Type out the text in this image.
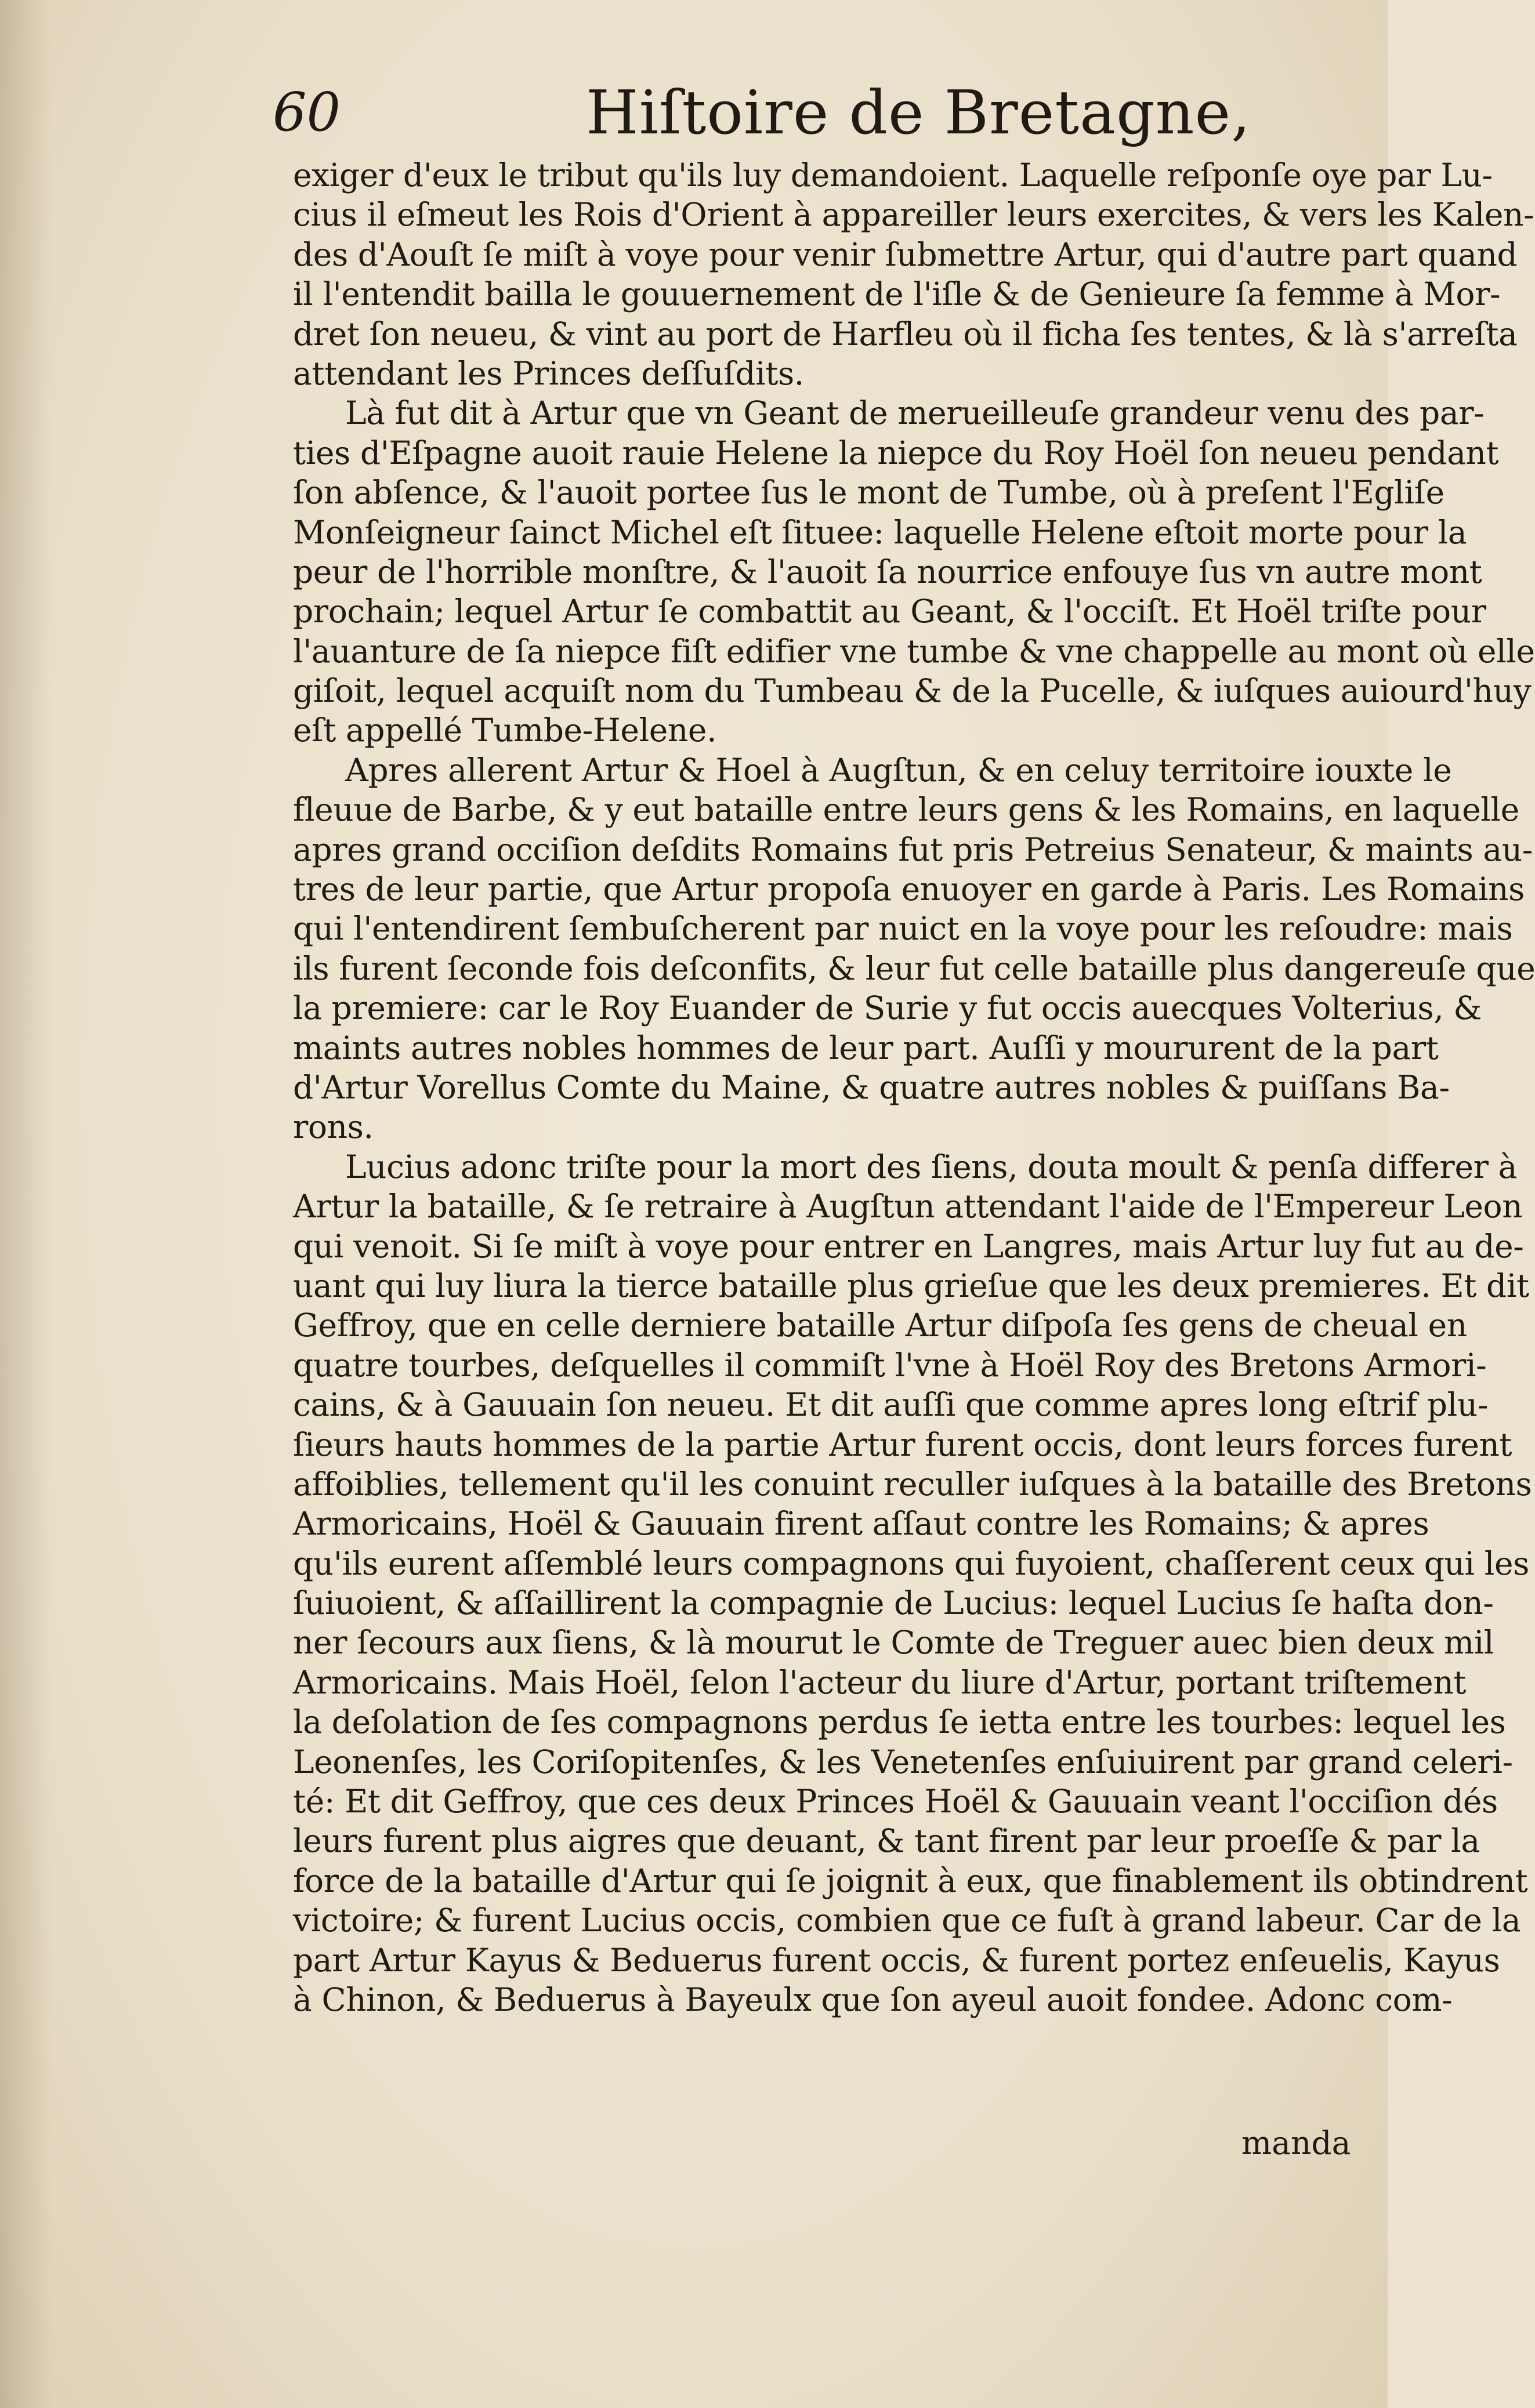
60	Hiſtoire de Bretagne,
exiger d'eux le tribut qu'ils luy demandoient. Laquelle reſponſe oye par Lu-
cius il eſmeut les Rois d'Orient à appareiller leurs exercites, & vers les Kalen-
des d'Aouſt ſe miſt à voye pour venir ſubmettre Artur, qui d'autre part quand
il l'entendit bailla le gouuernement de l'iſle & de Genieure ſa femme à Mor-
dret ſon neueu, & vint au port de Harfleu où il ficha ſes tentes, & là s'arreſta
attendant les Princes deſſuſdits.
Là fut dit à Artur que vn Geant de merueilleuſe grandeur venu des par-
ties d'Eſpagne auoit rauie Helene la niepce du Roy Hoël ſon neueu pendant
ſon abſence, & l'auoit portee ſus le mont de Tumbe, où à preſent l'Egliſe
Monſeigneur ſainct Michel eſt ſituee: laquelle Helene eſtoit morte pour la
peur de l'horrible monſtre, & l'auoit ſa nourrice enfouye ſus vn autre mont
prochain; lequel Artur ſe combattit au Geant, & l'occiſt. Et Hoël triſte pour
l'auanture de ſa niepce fiſt edifier vne tumbe & vne chappelle au mont où elle
giſoit, lequel acquiſt nom du Tumbeau & de la Pucelle, & iuſques auiourd'huy
eſt appellé Tumbe-Helene.
Apres allerent Artur & Hoel à Augſtun, & en celuy territoire iouxte le
fleuue de Barbe, & y eut bataille entre leurs gens & les Romains, en laquelle
apres grand occiſion deſdits Romains fut pris Petreius Senateur, & maints au-
tres de leur partie, que Artur propoſa enuoyer en garde à Paris. Les Romains
qui l'entendirent ſembuſcherent par nuict en la voye pour les reſoudre: mais
ils furent ſeconde fois deſconfits, & leur fut celle bataille plus dangereuſe que
la premiere: car le Roy Euander de Surie y fut occis auecques Volterius, &
maints autres nobles hommes de leur part. Auſſi y moururent de la part
d'Artur Vorellus Comte du Maine, & quatre autres nobles & puiſſans Ba-
rons.
Lucius adonc triſte pour la mort des ſiens, douta moult & penſa differer à
Artur la bataille, & ſe retraire à Augſtun attendant l'aide de l'Empereur Leon
qui venoit. Si ſe miſt à voye pour entrer en Langres, mais Artur luy fut au de-
uant qui luy liura la tierce bataille plus grieſue que les deux premieres. Et dit
Geffroy, que en celle derniere bataille Artur diſpoſa ſes gens de cheual en
quatre tourbes, deſquelles il commiſt l'vne à Hoël Roy des Bretons Armori-
cains, & à Gauuain ſon neueu. Et dit auſſi que comme apres long eſtrif plu-
ſieurs hauts hommes de la partie Artur furent occis, dont leurs forces furent
affoiblies, tellement qu'il les conuint reculler iuſques à la bataille des Bretons
Armoricains, Hoël & Gauuain firent aſſaut contre les Romains; & apres
qu'ils eurent aſſemblé leurs compagnons qui fuyoient, chaſſerent ceux qui les
ſuiuoient, & aſſaillirent la compagnie de Lucius: lequel Lucius ſe haſta don-
ner ſecours aux ſiens, & là mourut le Comte de Treguer auec bien deux mil
Armoricains. Mais Hoël, ſelon l'acteur du liure d'Artur, portant triſtement
la deſolation de ſes compagnons perdus ſe ietta entre les tourbes: lequel les
Leonenſes, les Coriſopitenſes, & les Venetenſes enſuiuirent par grand celeri-
té: Et dit Geffroy, que ces deux Princes Hoël & Gauuain veant l'occiſion dés
leurs furent plus aigres que deuant, & tant firent par leur proeſſe & par la
force de la bataille d'Artur qui ſe joignit à eux, que finablement ils obtindrent
victoire; & furent Lucius occis, combien que ce fuſt à grand labeur. Car de la
part Artur Kayus & Beduerus furent occis, & furent portez enſeuelis, Kayus
à Chinon, & Beduerus à Bayeulx que ſon ayeul auoit fondee. Adonc com-
manda
